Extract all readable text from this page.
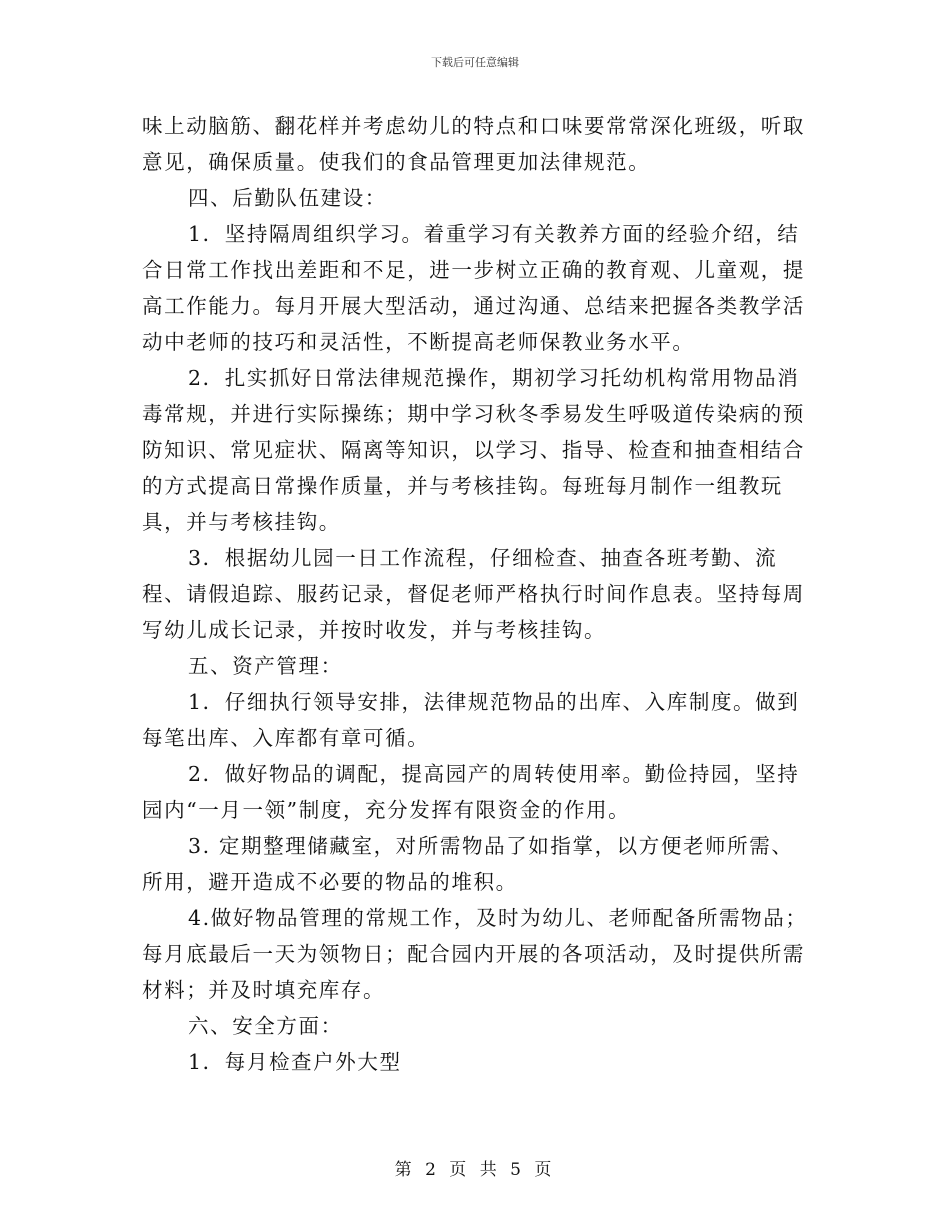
下载后可任意编辑

味上动脑筋、翻花样并考虑幼儿的特点和口味要常常深化班级，听取意见，确保质量。使我们的食品管理更加法律规范。

四、后勤队伍建设：

1．坚持隔周组织学习。着重学习有关教养方面的经验介绍，结合日常工作找出差距和不足，进一步树立正确的教育观、儿童观，提高工作能力。每月开展大型活动，通过沟通、总结来把握各类教学活动中老师的技巧和灵活性，不断提高老师保教业务水平。

2．扎实抓好日常法律规范操作，期初学习托幼机构常用物品消毒常规，并进行实际操练；期中学习秋冬季易发生呼吸道传染病的预防知识、常见症状、隔离等知识，以学习、指导、检查和抽查相结合的方式提高日常操作质量，并与考核挂钩。每班每月制作一组教玩具，并与考核挂钩。

3．根据幼儿园一日工作流程，仔细检查、抽查各班考勤、流程、请假追踪、服药记录，督促老师严格执行时间作息表。坚持每周写幼儿成长记录，并按时收发，并与考核挂钩。

五、资产管理：

1．仔细执行领导安排，法律规范物品的出库、入库制度。做到每笔出库、入库都有章可循。

2．做好物品的调配，提高园产的周转使用率。勤俭持园，坚持园内“一月一领”制度，充分发挥有限资金的作用。

3. 定期整理储藏室，对所需物品了如指掌，以方便老师所需、所用，避开造成不必要的物品的堆积。

4.做好物品管理的常规工作，及时为幼儿、老师配备所需物品；每月底最后一天为领物日；配合园内开展的各项活动，及时提供所需材料；并及时填充库存。

六、安全方面：

1．每月检查户外大型

第 2 页 共 5 页
